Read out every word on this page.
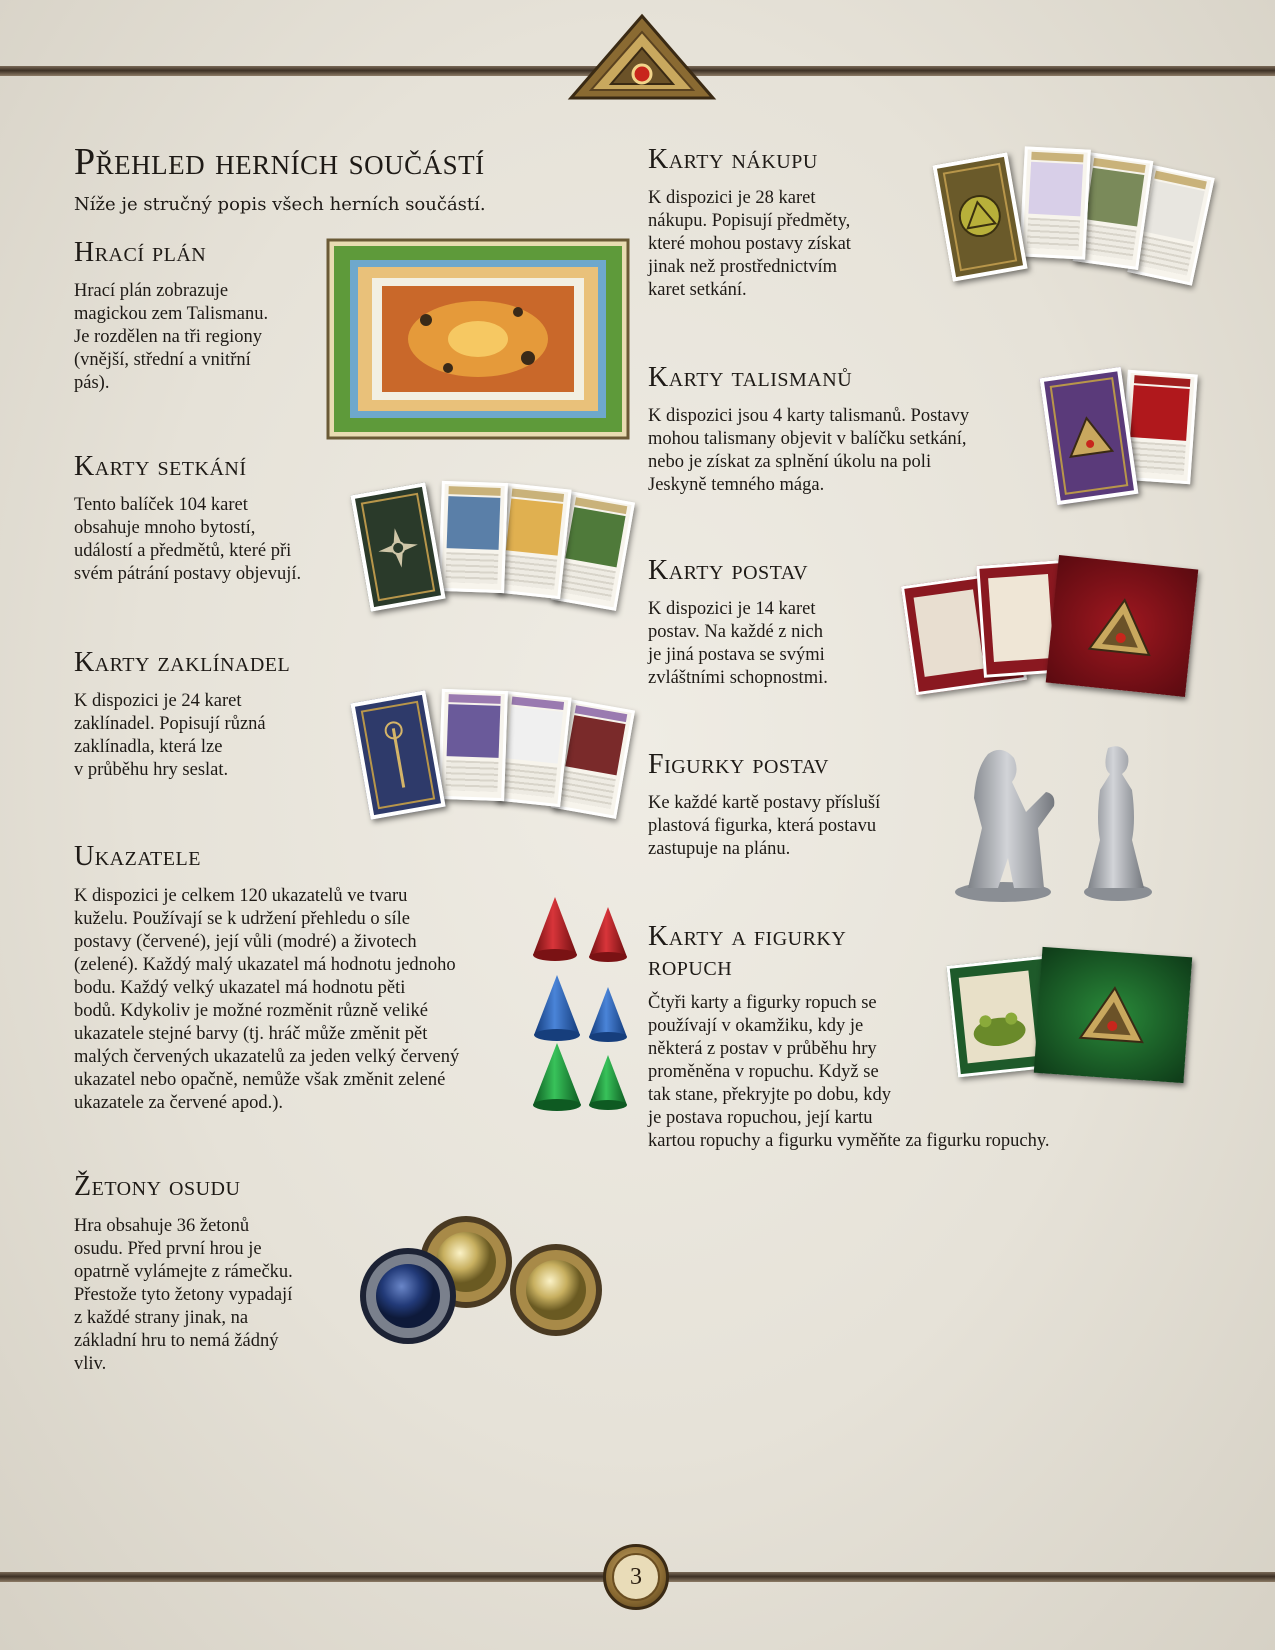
3
Přehled herních součástí

Níže je stručný popis všech herních součástí.

Hrací plán

Hrací plán zobrazuje
magickou zem Talismanu.
Je rozdělen na tři regiony
(vnější, střední a vnitřní
pás).

Karty setkání

Tento balíček 104 karet
obsahuje mnoho bytostí,
událostí a předmětů, které při
svém pátrání postavy objevují.

Karty zaklínadel

K dispozici je 24 karet
zaklínadel. Popisují různá
zaklínadla, která lze
v průběhu hry seslat.

Ukazatele

K dispozici je celkem 120 ukazatelů ve tvaru
kuželu. Používají se k udržení přehledu o síle
postavy (červené), její vůli (modré) a životech
(zelené). Každý malý ukazatel má hodnotu jednoho
bodu. Každý velký ukazatel má hodnotu pěti
bodů. Kdykoliv je možné rozměnit různě veliké
ukazatele stejné barvy (tj. hráč může změnit pět
malých červených ukazatelů za jeden velký červený
ukazatel nebo opačně, nemůže však změnit zelené
ukazatele za červené apod.).

Žetony osudu

Hra obsahuje 36 žetonů
osudu. Před první hrou je
opatrně vylámejte z rámečku.
Přestože tyto žetony vypadají
z každé strany jinak, na
základní hru to nemá žádný
vliv.

Karty nákupu

K dispozici je 28 karet
nákupu. Popisují předměty,
které mohou postavy získat
jinak než prostřednictvím
karet setkání.

Karty talismanů

K dispozici jsou 4 karty talismanů. Postavy
mohou talismany objevit v balíčku setkání,
nebo je získat za splnění úkolu na poli
Jeskyně temného mága.

Karty postav

K dispozici je 14 karet
postav. Na každé z nich
je jiná postava se svými
zvláštními schopnostmi.

Figurky postav

Ke každé kartě postavy přísluší
plastová figurka, která postavu
zastupuje na plánu.

Karty a figurky
ropuch

Čtyři karty a figurky ropuch se
používají v okamžiku, kdy je
některá z postav v průběhu hry
proměněna v ropuchu. Když se
tak stane, překryjte po dobu, kdy
je postava ropuchou, její kartu
kartou ropuchy a figurku vyměňte za figurku ropuchy.
